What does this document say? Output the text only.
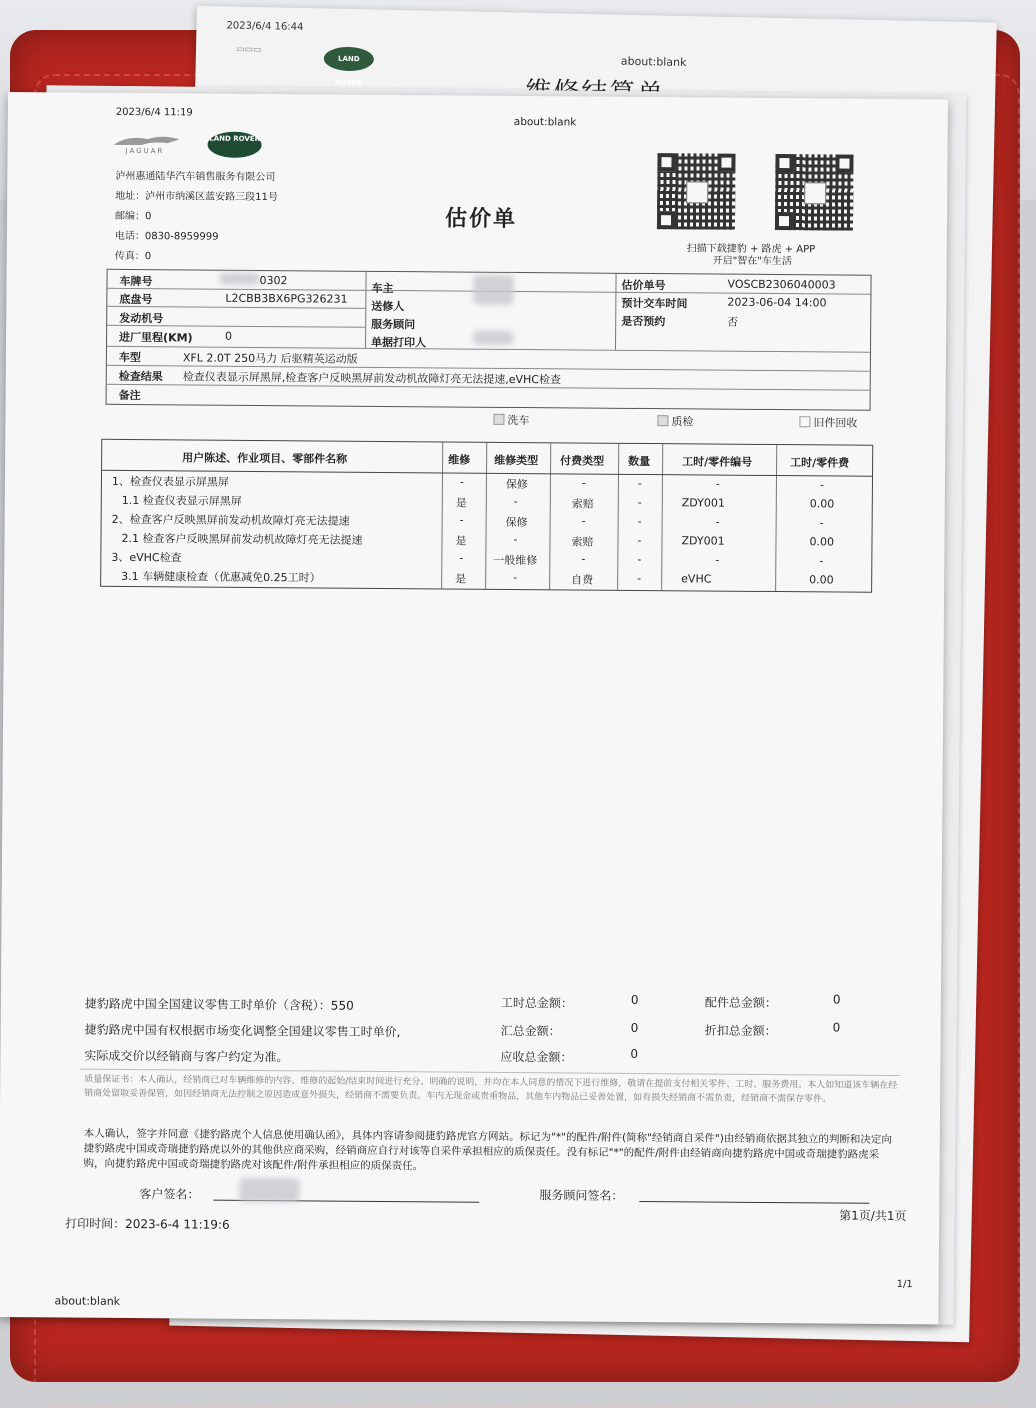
2023/6/4 16:44
▭▭▭
LAND ROVER
about:blank
2023/6/4 11:19
about:blank
JAGUAR
LAND ROVER
泸州惠通陆华汽车销售服务有限公司
地址：泸州市纳溪区蓝安路三段11号
邮编：0
电话：0830-8959999
传真：0
估价单
扫描下载捷豹 + 路虎 + APP
开启"智在"车生活
车牌号	0302
底盘号	L2CBB3BX6PG326231
发动机号
进厂里程(KM)	0
车型	XFL 2.0T 250马力 后驱精英运动版
检查结果 检查仪表显示屏黑屏,检查客户反映黑屏前发动机故障灯亮无法提速,eVHC检查
备注
车主
送修人
服务顾问
单据打印人
估价单号	VOSCB2306040003
预计交车时间	2023-06-04 14:00
是否预约	否
洗车	质检	旧件回收
用户陈述、作业项目、零部件名称	维修 维修类型 付费类型 数量	工时/零件编号	工时/零件费
1、检查仪表显示屏黑屏	-	保修	-	-	-	-
1.1 检查仪表显示屏黑屏	是	-	索赔	-	ZDY001	0.00
2、检查客户反映黑屏前发动机故障灯亮无法提速	-	保修	-	-	-	-
2.1 检查客户反映黑屏前发动机故障灯亮无法提速	是	-	索赔	-	ZDY001	0.00
3、eVHC检查	-	一般维修	-	-	-	-
3.1 车辆健康检查（优惠减免0.25工时）	是	-	自费	-	eVHC	0.00
捷豹路虎中国全国建议零售工时单价（含税）：550
捷豹路虎中国有权根据市场变化调整全国建议零售工时单价,
实际成交价以经销商与客户约定为准。
工时总金额：	0	配件总金额：	0
汇总金额：	0	折扣总金额：	0
应收总金额：	0
质量保证书：本人确认，经销商已对车辆维修的内容、维修的起始/结束时间进行充分、明确的说明，并均在本人同意的情况下进行维修，敬请在提前支付相关零件、工时、服务费用。本人如知道该车辆在经销商处留取妥善保管，如因经销商无法控制之原因造成意外损失，经销商不需要负责。车内无现金或贵重物品，其他车内物品已妥善处置，如有损失经销商不需负责，经销商不需保存零件。
本人确认，签字并同意《捷豹路虎个人信息使用确认函》，具体内容请参阅捷豹路虎官方网站。标记为"*"的配件/附件(简称"经销商自采件")由经销商依据其独立的判断和决定向捷豹路虎中国或奇瑞捷豹路虎以外的其他供应商采购，经销商应自行对该等自采件承担相应的质保责任。没有标记"*"的配件/附件由经销商向捷豹路虎中国或奇瑞捷豹路虎采购，向捷豹路虎中国或奇瑞捷豹路虎对该配件/附件承担相应的质保责任。
客户签名：	服务顾问签名：
打印时间：2023-6-4 11:19:6
第1页/共1页
1/1
about:blank
